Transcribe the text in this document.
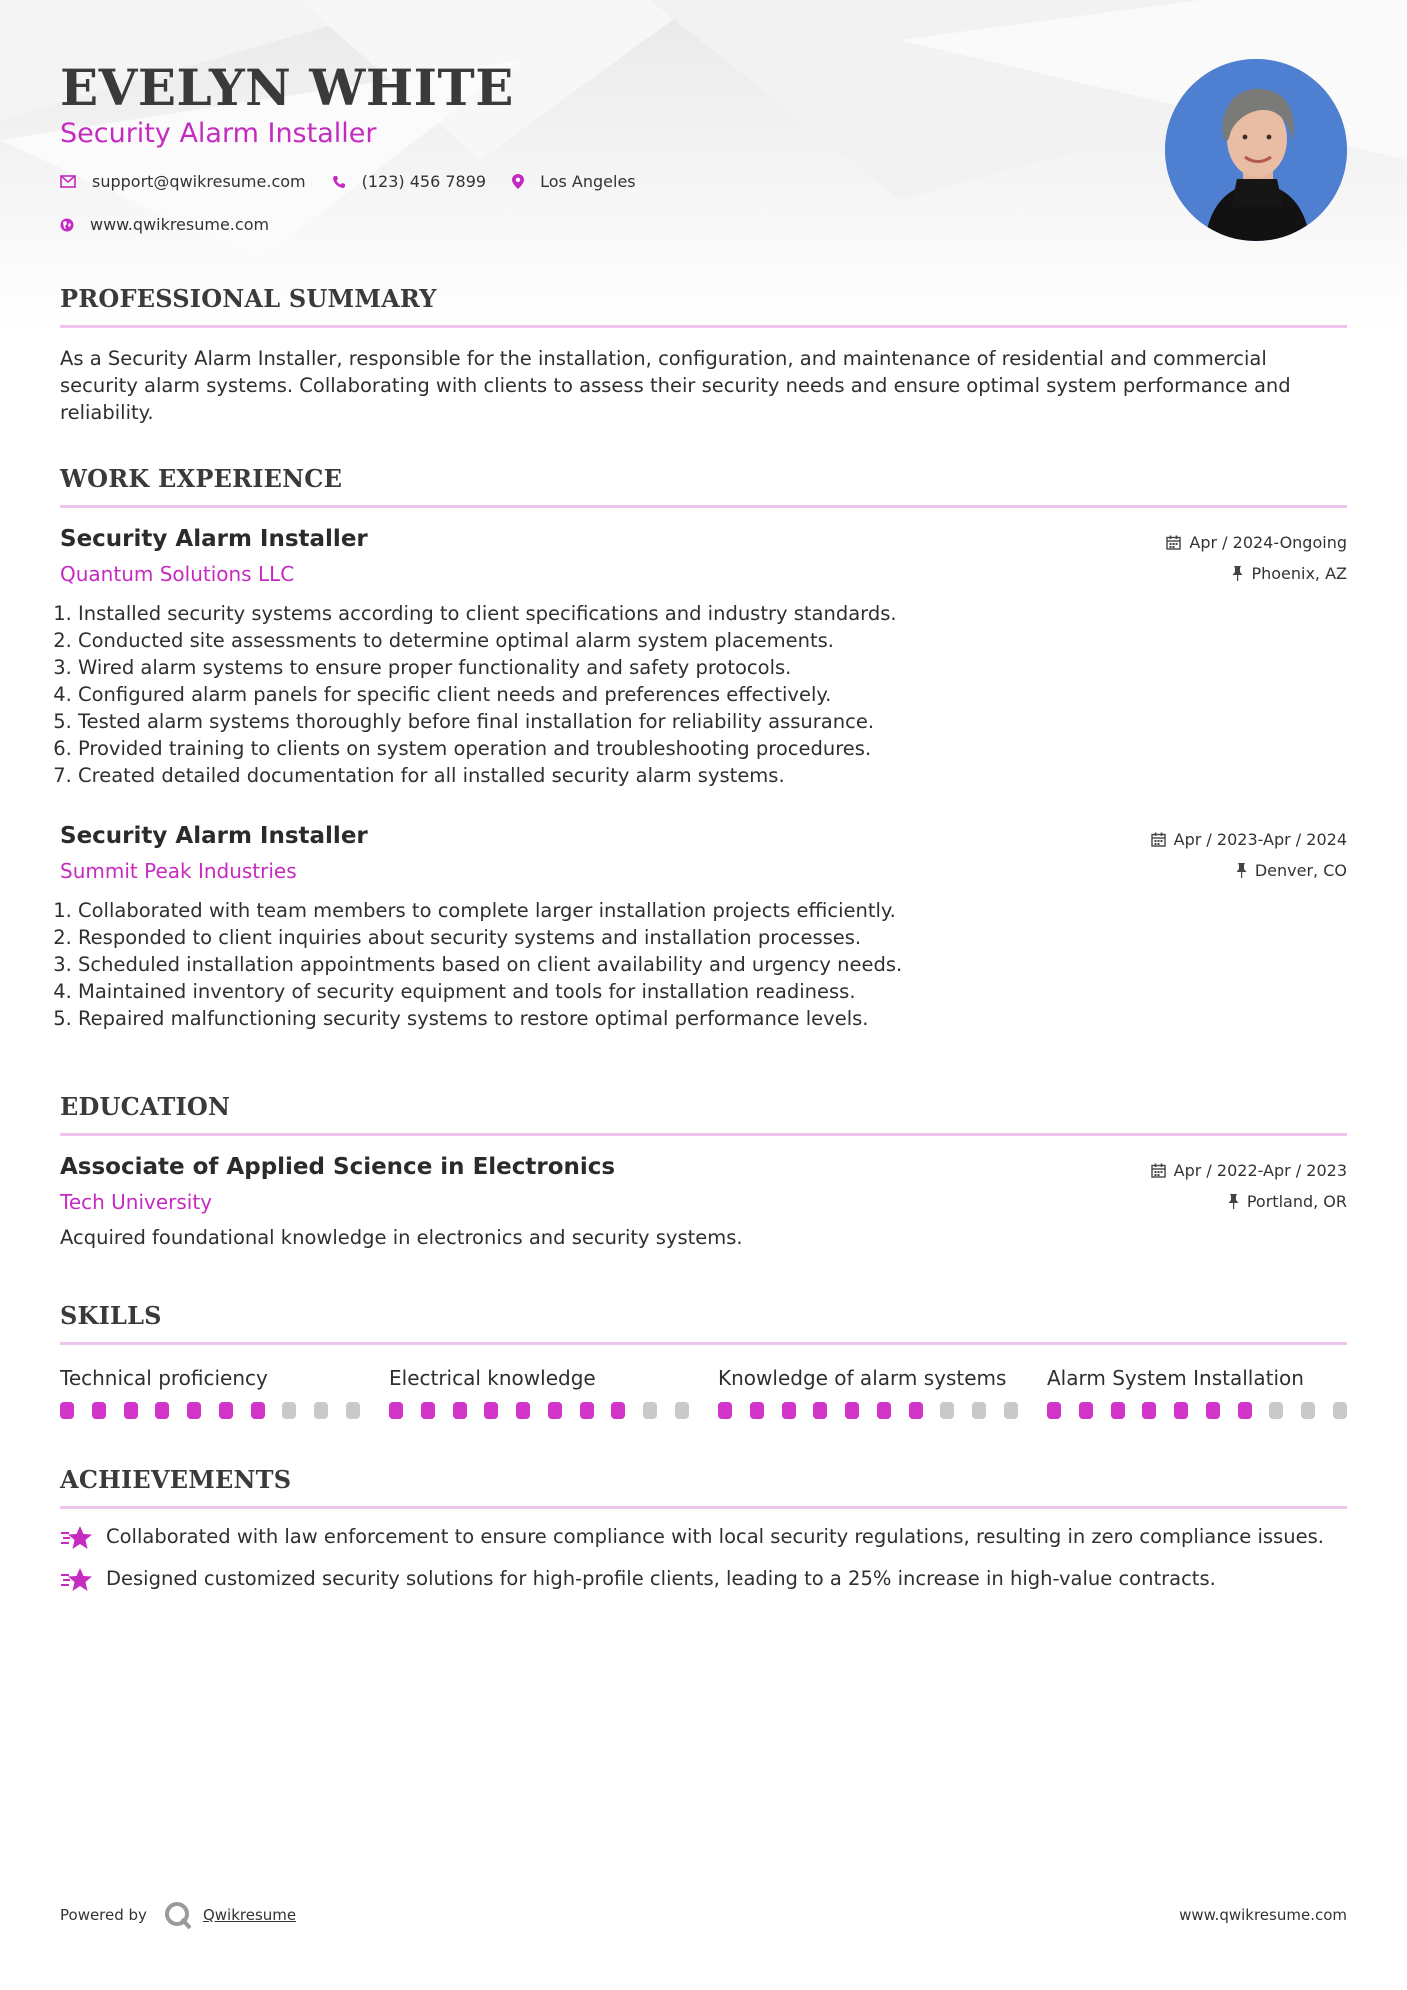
EVELYN WHITE
Security Alarm Installer
support@qwikresume.com	(123) 456 7899	Los Angeles
www.qwikresume.com
PROFESSIONAL SUMMARY

As a Security Alarm Installer, responsible for the installation, configuration, and maintenance of residential and commercial security alarm systems. Collaborating with clients to assess their security needs and ensure optimal system performance and reliability.

WORK EXPERIENCE
Security Alarm Installer
Quantum Solutions LLC
Apr / 2024-Ongoing
Phoenix, AZ
1. Installed security systems according to client specifications and industry standards.
2. Conducted site assessments to determine optimal alarm system placements.
3. Wired alarm systems to ensure proper functionality and safety protocols.
4. Configured alarm panels for specific client needs and preferences effectively.
5. Tested alarm systems thoroughly before final installation for reliability assurance.
6. Provided training to clients on system operation and troubleshooting procedures.
7. Created detailed documentation for all installed security alarm systems.
Security Alarm Installer
Summit Peak Industries
Apr / 2023-Apr / 2024
Denver, CO
1. Collaborated with team members to complete larger installation projects efficiently.
2. Responded to client inquiries about security systems and installation processes.
3. Scheduled installation appointments based on client availability and urgency needs.
4. Maintained inventory of security equipment and tools for installation readiness.
5. Repaired malfunctioning security systems to restore optimal performance levels.
EDUCATION
Associate of Applied Science in Electronics
Tech University
Apr / 2022-Apr / 2023
Portland, OR
Acquired foundational knowledge in electronics and security systems.
SKILLS
Technical proficiency	Electrical knowledge	Knowledge of alarm systems	Alarm System Installation
ACHIEVEMENTS
Collaborated with law enforcement to ensure compliance with local security regulations, resulting in zero compliance issues.
Designed customized security solutions for high-profile clients, leading to a 25% increase in high-value contracts.
Powered by	Qwikresume	www.qwikresume.com
